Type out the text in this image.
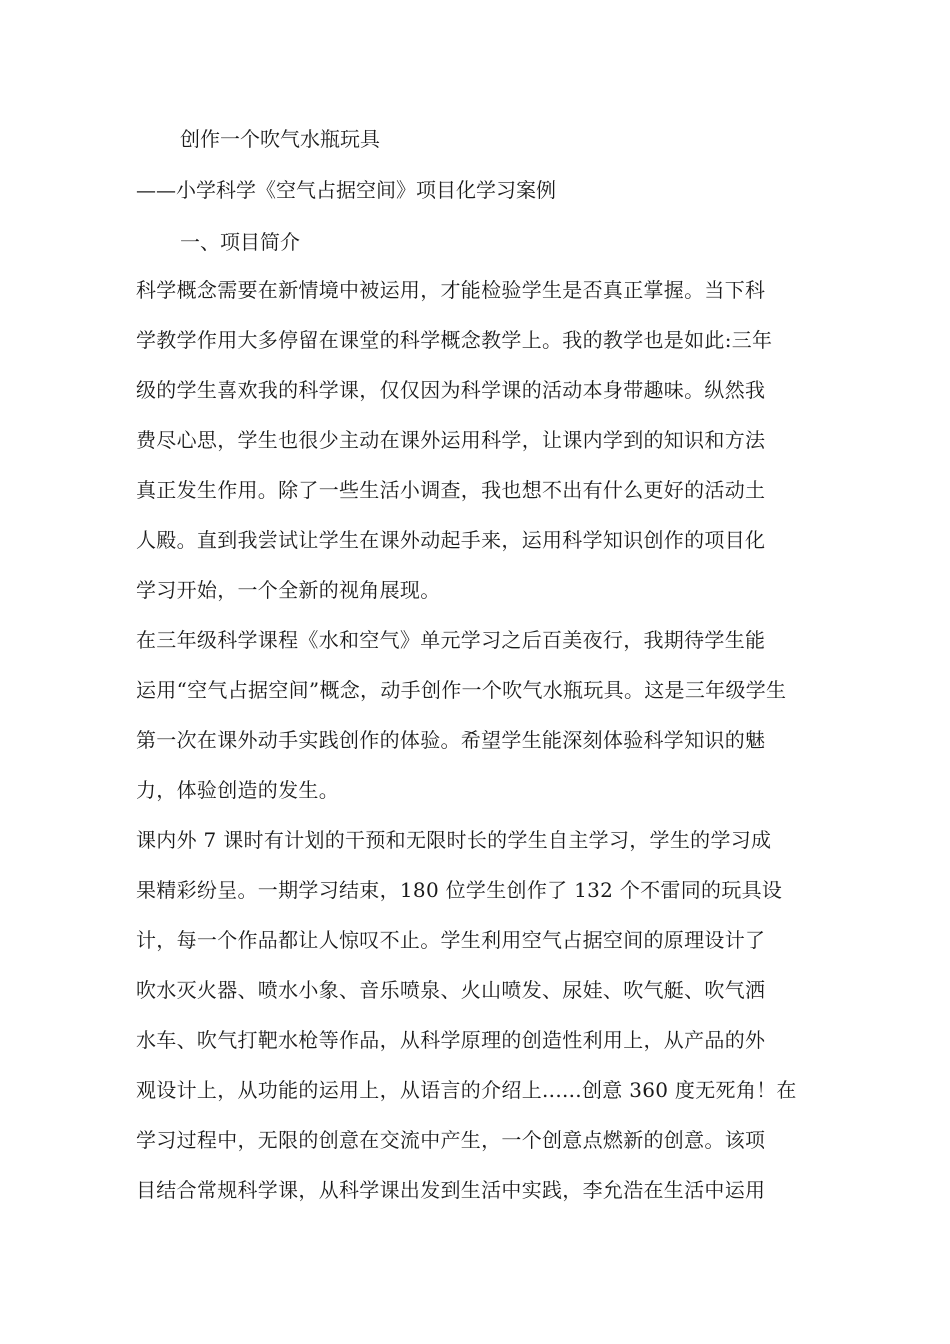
创作一个吹气水瓶玩具
——小学科学《空气占据空间》项目化学习案例
一、项目简介
科学概念需要在新情境中被运用，才能检验学生是否真正掌握。当下科
学教学作用大多停留在课堂的科学概念教学上。我的教学也是如此:三年
级的学生喜欢我的科学课，仅仅因为科学课的活动本身带趣味。纵然我
费尽心思，学生也很少主动在课外运用科学，让课内学到的知识和方法
真正发生作用。除了一些生活小调查，我也想不出有什么更好的活动土
人殿。直到我尝试让学生在课外动起手来，运用科学知识创作的项目化
学习开始，一个全新的视角展现。
在三年级科学课程《水和空气》单元学习之后百美夜行，我期待学生能
运用“空气占据空间”概念，动手创作一个吹气水瓶玩具。这是三年级学生
第一次在课外动手实践创作的体验。希望学生能深刻体验科学知识的魅
力，体验创造的发生。
课内外 7 课时有计划的干预和无限时长的学生自主学习，学生的学习成
果精彩纷呈。一期学习结束，180 位学生创作了 132 个不雷同的玩具设
计，每一个作品都让人惊叹不止。学生利用空气占据空间的原理设计了
吹水灭火器、喷水小象、音乐喷泉、火山喷发、尿娃、吹气艇、吹气洒
水车、吹气打靶水枪等作品，从科学原理的创造性利用上，从产品的外
观设计上，从功能的运用上，从语言的介绍上......创意 360 度无死角！在
学习过程中，无限的创意在交流中产生，一个创意点燃新的创意。该项
目结合常规科学课，从科学课出发到生活中实践，李允浩在生活中运用
